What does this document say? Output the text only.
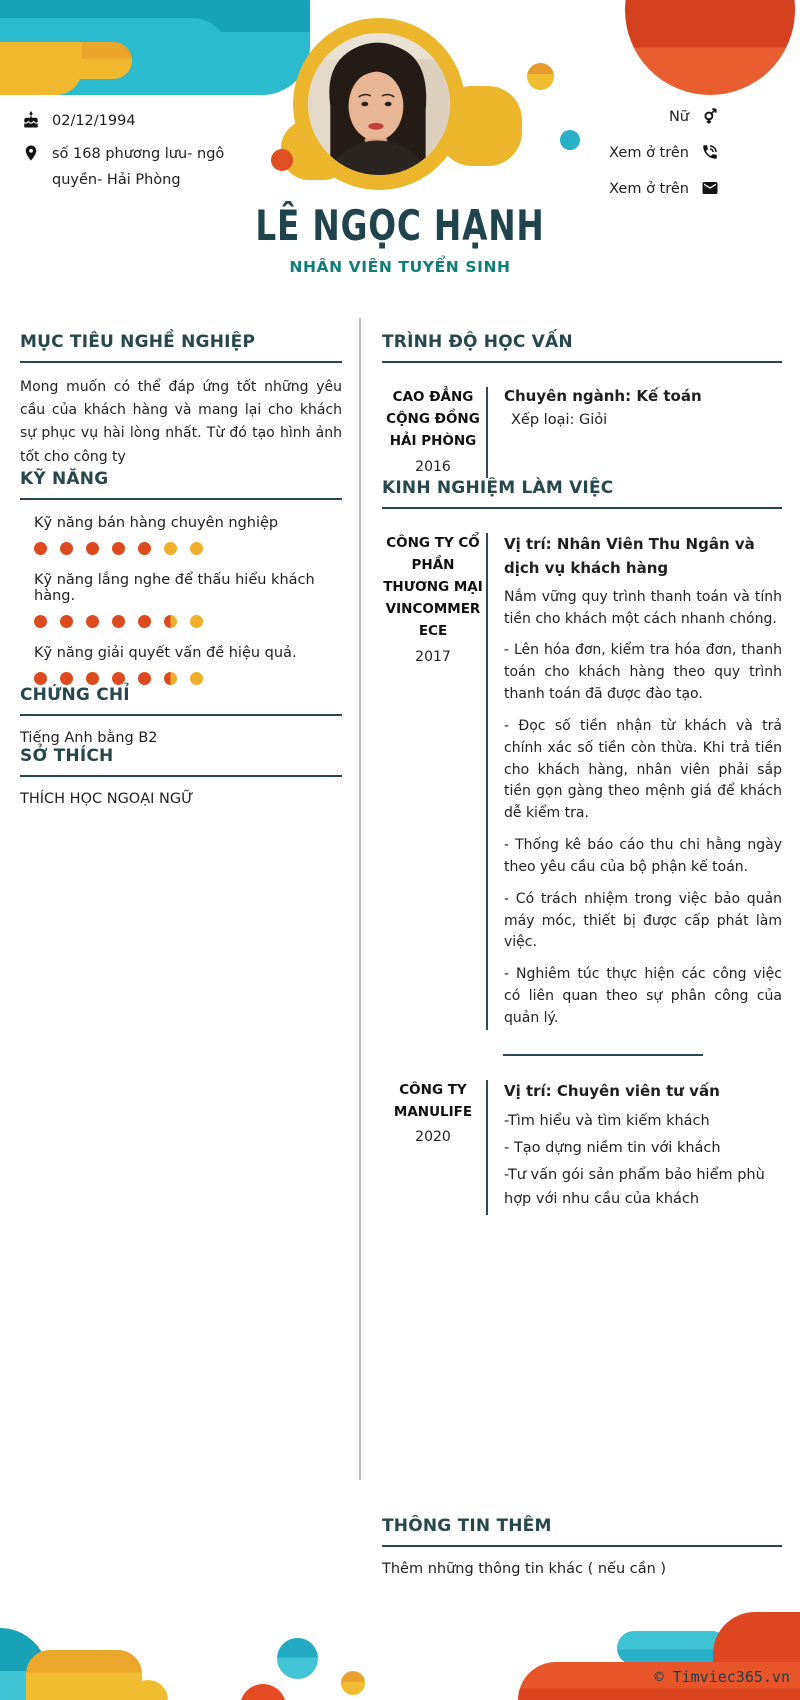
02/12/1994
số 168 phương lưu- ngô quyền- Hải Phòng
Nữ
Xem ở trên
Xem ở trên
LÊ NGỌC HẠNH
NHÂN VIÊN TUYỂN SINH
MỤC TIÊU NGHỀ NGHIỆP
Mong muốn có thể đáp ứng tốt những yêu cầu của khách hàng và mang lại cho khách sự phục vụ hài lòng nhất. Từ đó tạo hình ảnh tốt cho công ty
KỸ NĂNG
Kỹ năng bán hàng chuyên nghiệp
Kỹ năng lắng nghe để thấu hiểu khách hàng.
Kỹ năng giải quyết vấn đề hiệu quả.
CHỨNG CHỈ
Tiếng Anh bằng B2
SỞ THÍCH
THÍCH HỌC NGOẠI NGỮ
TRÌNH ĐỘ HỌC VẤN
CAO ĐẲNG CỘNG ĐỒNG HẢI PHÒNG
2016
Chuyên ngành: Kế toán
Xếp loại: Giỏi
KINH NGHIỆM LÀM VIỆC
CÔNG TY CỔ PHẦN THƯƠNG MẠI VINCOMMERECE
2017
Vị trí: Nhân Viên Thu Ngân và dịch vụ khách hàng

Nắm vững quy trình thanh toán và tính tiền cho khách một cách nhanh chóng.

- Lên hóa đơn, kiểm tra hóa đơn, thanh toán cho khách hàng theo quy trình thanh toán đã được đào tạo.

- Đọc số tiền nhận từ khách và trả chính xác số tiền còn thừa. Khi trả tiền cho khách hàng, nhân viên phải sắp tiền gọn gàng theo mệnh giá để khách dễ kiểm tra.

- Thống kê báo cáo thu chi hằng ngày theo yêu cầu của bộ phận kế toán.

- Có trách nhiệm trong việc bảo quản máy móc, thiết bị được cấp phát làm việc.

- Nghiêm túc thực hiện các công việc có liên quan theo sự phân công của quản lý.

CÔNG TY MANULIFE
2020
Vị trí: Chuyên viên tư vấn

-Tìm hiểu và tìm kiếm khách

- Tạo dựng niềm tin với khách

-Tư vấn gói sản phẩm bảo hiểm phù hợp với nhu cầu của khách

THÔNG TIN THÊM
Thêm những thông tin khác ( nếu cần )
© Timviec365.vn
